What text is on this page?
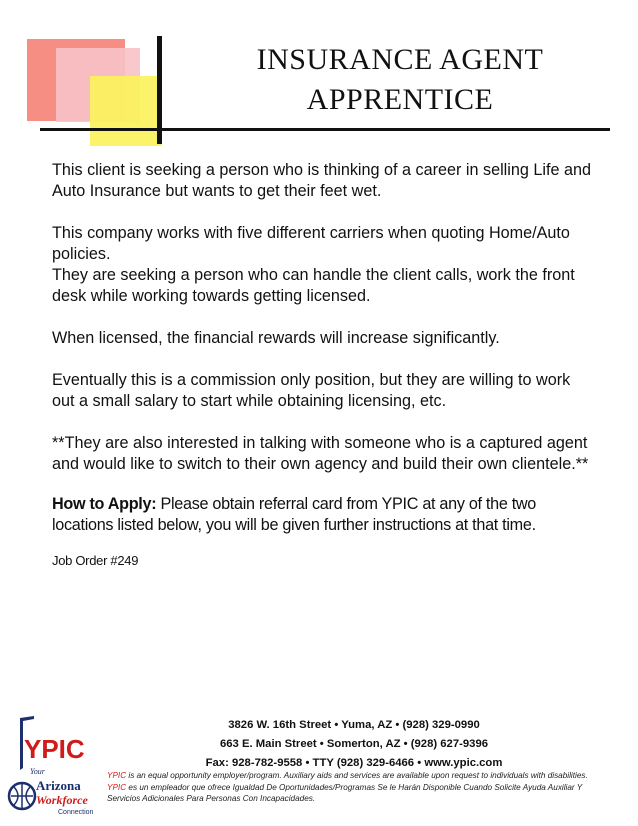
INSURANCE AGENT
APPRENTICE

This client is seeking a person who is thinking of a career in selling Life and Auto Insurance but wants to get their feet wet.

This company works with five different carriers when quoting Home/Auto policies.

They are seeking a person who can handle the client calls, work the front desk while working towards getting licensed.

When licensed, the financial rewards will increase significantly.

Eventually this is a commission only position, but they are willing to work out a small salary to start while obtaining licensing, etc.

**They are also interested in talking with someone who is a captured agent and would like to switch to their own agency and build their own clientele.**

How to Apply: Please obtain referral card from YPIC at any of the two locations listed below, you will be given further instructions at that time.

Job Order #249

3826 W. 16th Street • Yuma, AZ • (928) 329-0990
663 E. Main Street • Somerton, AZ • (928) 627-9396
Fax: 928-782-9558 • TTY (928) 329-6466 • www.ypic.com
YPIC is an equal opportunity employer/program. Auxiliary aids and services are available upon request to individuals with disabilities.
YPIC es un empleador que ofrece Igualdad De Oportunidades/Programas Se le Harán Disponible Cuando Solicite Ayuda Auxiliar Y Servicios Adicionales Para Personas Con Incapacidades.
YPIC
Your
Arizona
Workforce
Connection
